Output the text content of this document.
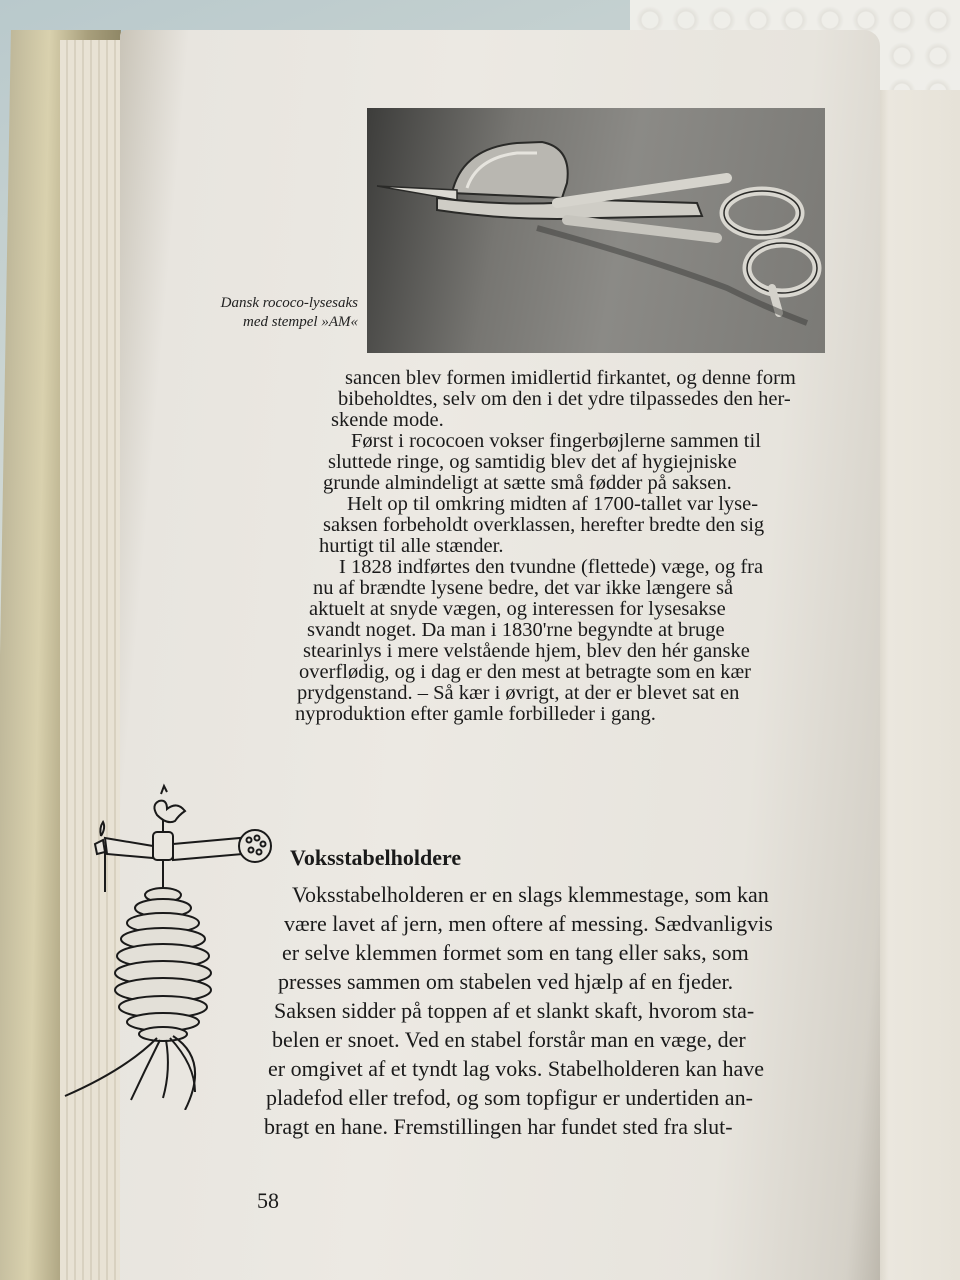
Dansk rococo-lysesaks
med stempel »AM«
sancen blev formen imidlertid firkantet, og denne form
bibeholdtes, selv om den i det ydre tilpassedes den her-
skende mode.
Først i rococoen vokser fingerbøjlerne sammen til
sluttede ringe, og samtidig blev det af hygiejniske
grunde almindeligt at sætte små fødder på saksen.
Helt op til omkring midten af 1700-tallet var lyse-
saksen forbeholdt overklassen, herefter bredte den sig
hurtigt til alle stænder.
I 1828 indførtes den tvundne (flettede) væge, og fra
nu af brændte lysene bedre, det var ikke længere så
aktuelt at snyde vægen, og interessen for lysesakse
svandt noget. Da man i 1830'rne begyndte at bruge
stearinlys i mere velstående hjem, blev den hér ganske
overflødig, og i dag er den mest at betragte som en kær
prydgenstand. – Så kær i øvrigt, at der er blevet sat en
nyproduktion efter gamle forbilleder i gang.
Voksstabelholdere
Voksstabelholderen er en slags klemmestage, som kan
være lavet af jern, men oftere af messing. Sædvanligvis
er selve klemmen formet som en tang eller saks, som
presses sammen om stabelen ved hjælp af en fjeder.
Saksen sidder på toppen af et slankt skaft, hvorom sta-
belen er snoet. Ved en stabel forstår man en væge, der
er omgivet af et tyndt lag voks. Stabelholderen kan have
pladefod eller trefod, og som topfigur er undertiden an-
bragt en hane. Fremstillingen har fundet sted fra slut-
58
